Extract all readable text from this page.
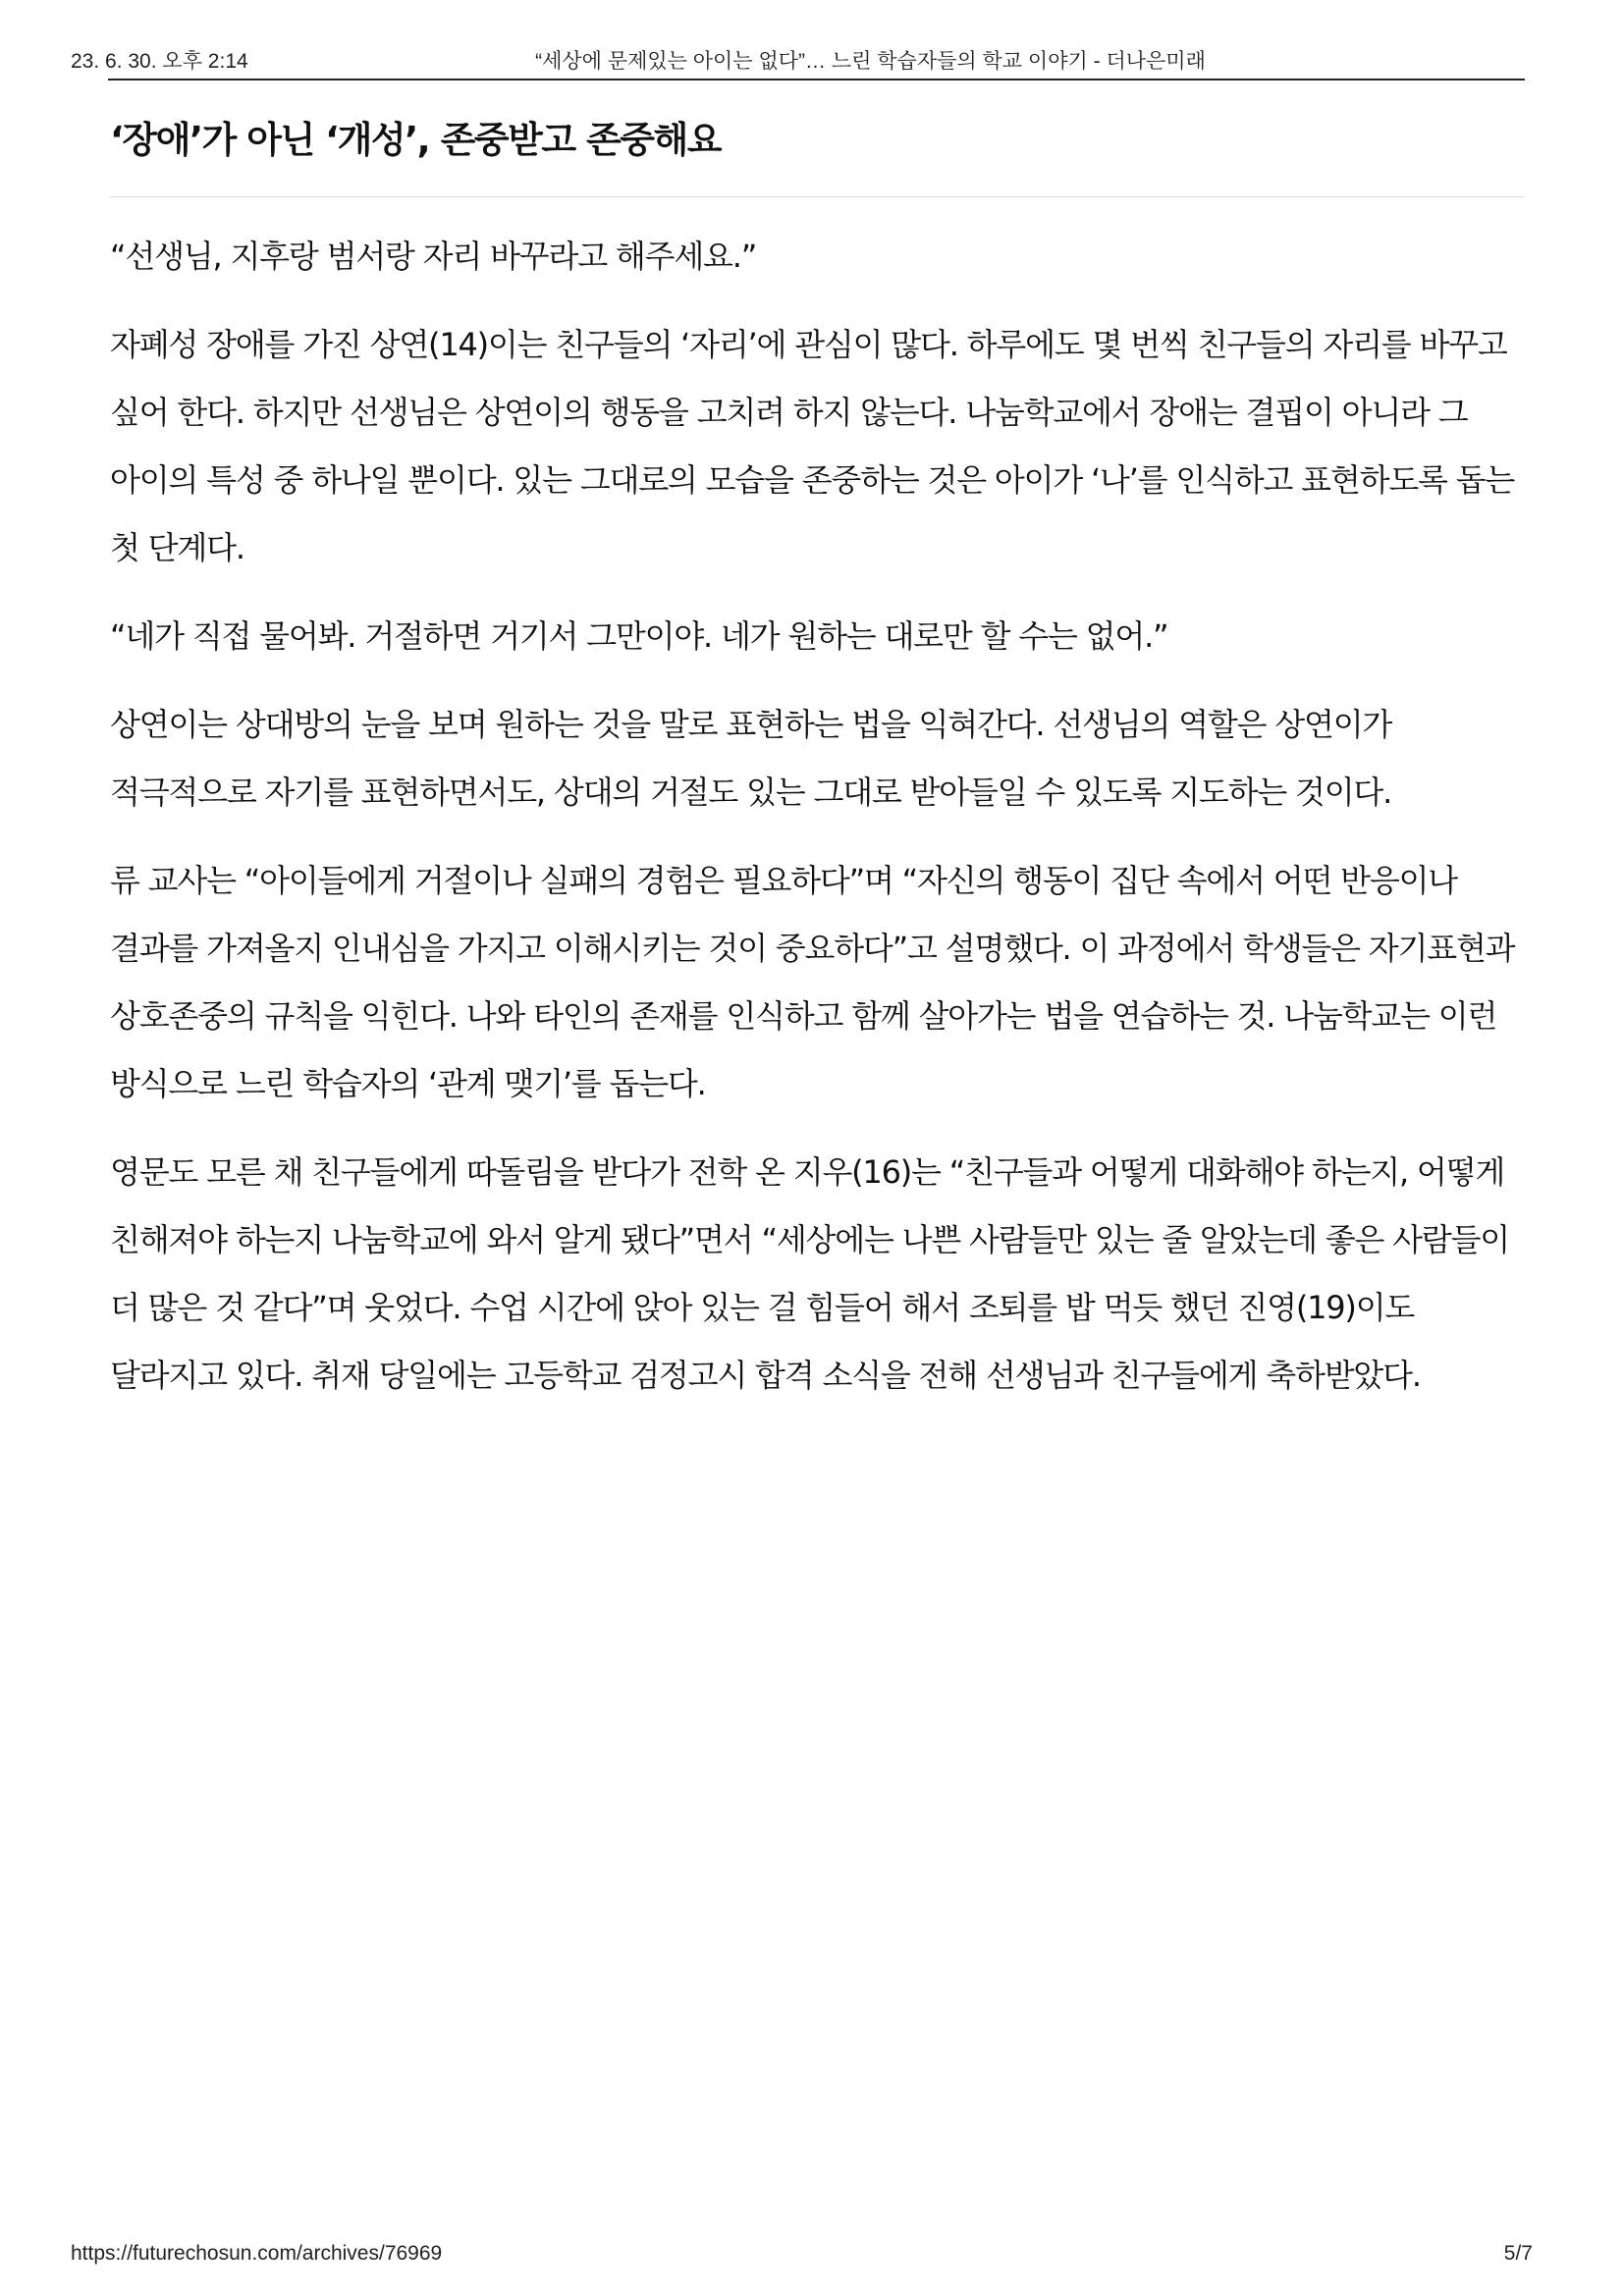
23. 6. 30. 오후 2:14	“세상에 문제있는 아이는 없다”… 느린 학습자들의 학교 이야기 - 더나은미래
‘장애’가 아닌 ‘개성’, 존중받고 존중해요

“선생님, 지후랑 범서랑 자리 바꾸라고 해주세요.”

자폐성 장애를 가진 상연(14)이는 친구들의 ‘자리’에 관심이 많다. 하루에도 몇 번씩 친구들의 자리를 바꾸고 싶어 한다. 하지만 선생님은 상연이의 행동을 고치려 하지 않는다. 나눔학교에서 장애는 결핍이 아니라 그 아이의 특성 중 하나일 뿐이다. 있는 그대로의 모습을 존중하는 것은 아이가 ‘나’를 인식하고 표현하도록 돕는 첫 단계다.

“네가 직접 물어봐. 거절하면 거기서 그만이야. 네가 원하는 대로만 할 수는 없어.”

상연이는 상대방의 눈을 보며 원하는 것을 말로 표현하는 법을 익혀간다. 선생님의 역할은 상연이가 적극적으로 자기를 표현하면서도, 상대의 거절도 있는 그대로 받아들일 수 있도록 지도하는 것이다.

류 교사는 “아이들에게 거절이나 실패의 경험은 필요하다”며 “자신의 행동이 집단 속에서 어떤 반응이나 결과를 가져올지 인내심을 가지고 이해시키는 것이 중요하다”고 설명했다. 이 과정에서 학생들은 자기표현과 상호존중의 규칙을 익힌다. 나와 타인의 존재를 인식하고 함께 살아가는 법을 연습하는 것. 나눔학교는 이런 방식으로 느린 학습자의 ‘관계 맺기’를 돕는다.

영문도 모른 채 친구들에게 따돌림을 받다가 전학 온 지우(16)는 “친구들과 어떻게 대화해야 하는지, 어떻게 친해져야 하는지 나눔학교에 와서 알게 됐다”면서 “세상에는 나쁜 사람들만 있는 줄 알았는데 좋은 사람들이 더 많은 것 같다”며 웃었다. 수업 시간에 앉아 있는 걸 힘들어 해서 조퇴를 밥 먹듯 했던 진영(19)이도 달라지고 있다. 취재 당일에는 고등학교 검정고시 합격 소식을 전해 선생님과 친구들에게 축하받았다.

https://futurechosun.com/archives/76969	5/7
